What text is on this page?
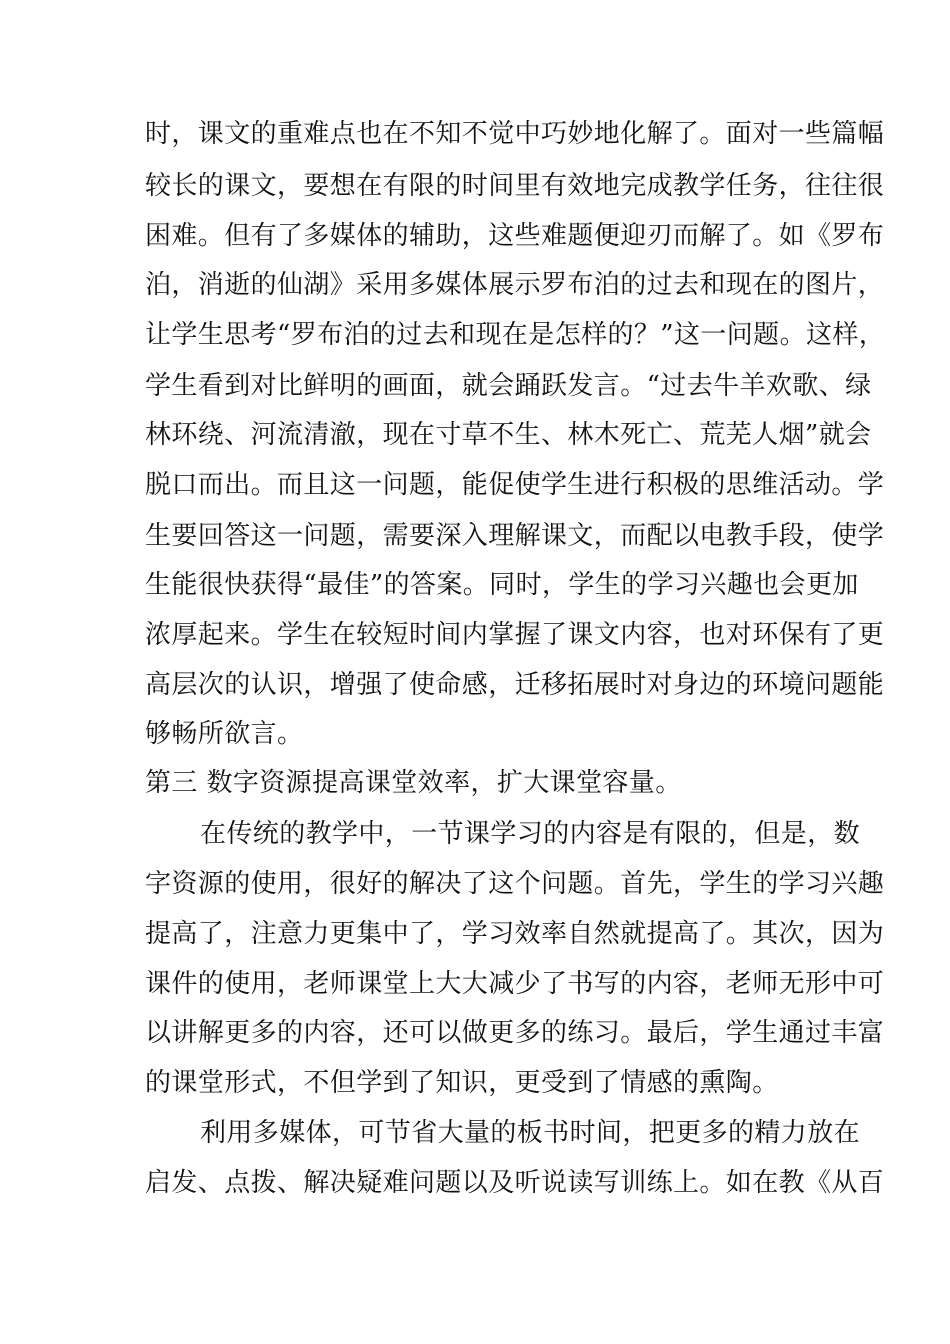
时，课文的重难点也在不知不觉中巧妙地化解了。面对一些篇幅
较长的课文，要想在有限的时间里有效地完成教学任务，往往很
困难。但有了多媒体的辅助，这些难题便迎刃而解了。如《罗布
泊，消逝的仙湖》采用多媒体展示罗布泊的过去和现在的图片，
让学生思考“罗布泊的过去和现在是怎样的？”这一问题。这样，
学生看到对比鲜明的画面，就会踊跃发言。“过去牛羊欢歌、绿
林环绕、河流清澈，现在寸草不生、林木死亡、荒芜人烟”就会
脱口而出。而且这一问题，能促使学生进行积极的思维活动。学
生要回答这一问题，需要深入理解课文，而配以电教手段，使学
生能很快获得“最佳”的答案。同时，学生的学习兴趣也会更加
浓厚起来。学生在较短时间内掌握了课文内容，也对环保有了更
高层次的认识，增强了使命感，迁移拓展时对身边的环境问题能
够畅所欲言。
第三 数字资源提高课堂效率，扩大课堂容量。
在传统的教学中，一节课学习的内容是有限的，但是，数
字资源的使用，很好的解决了这个问题。首先，学生的学习兴趣
提高了，注意力更集中了，学习效率自然就提高了。其次，因为
课件的使用，老师课堂上大大减少了书写的内容，老师无形中可
以讲解更多的内容，还可以做更多的练习。最后，学生通过丰富
的课堂形式，不但学到了知识，更受到了情感的熏陶。
利用多媒体，可节省大量的板书时间，把更多的精力放在
启发、点拨、解决疑难问题以及听说读写训练上。如在教《从百
